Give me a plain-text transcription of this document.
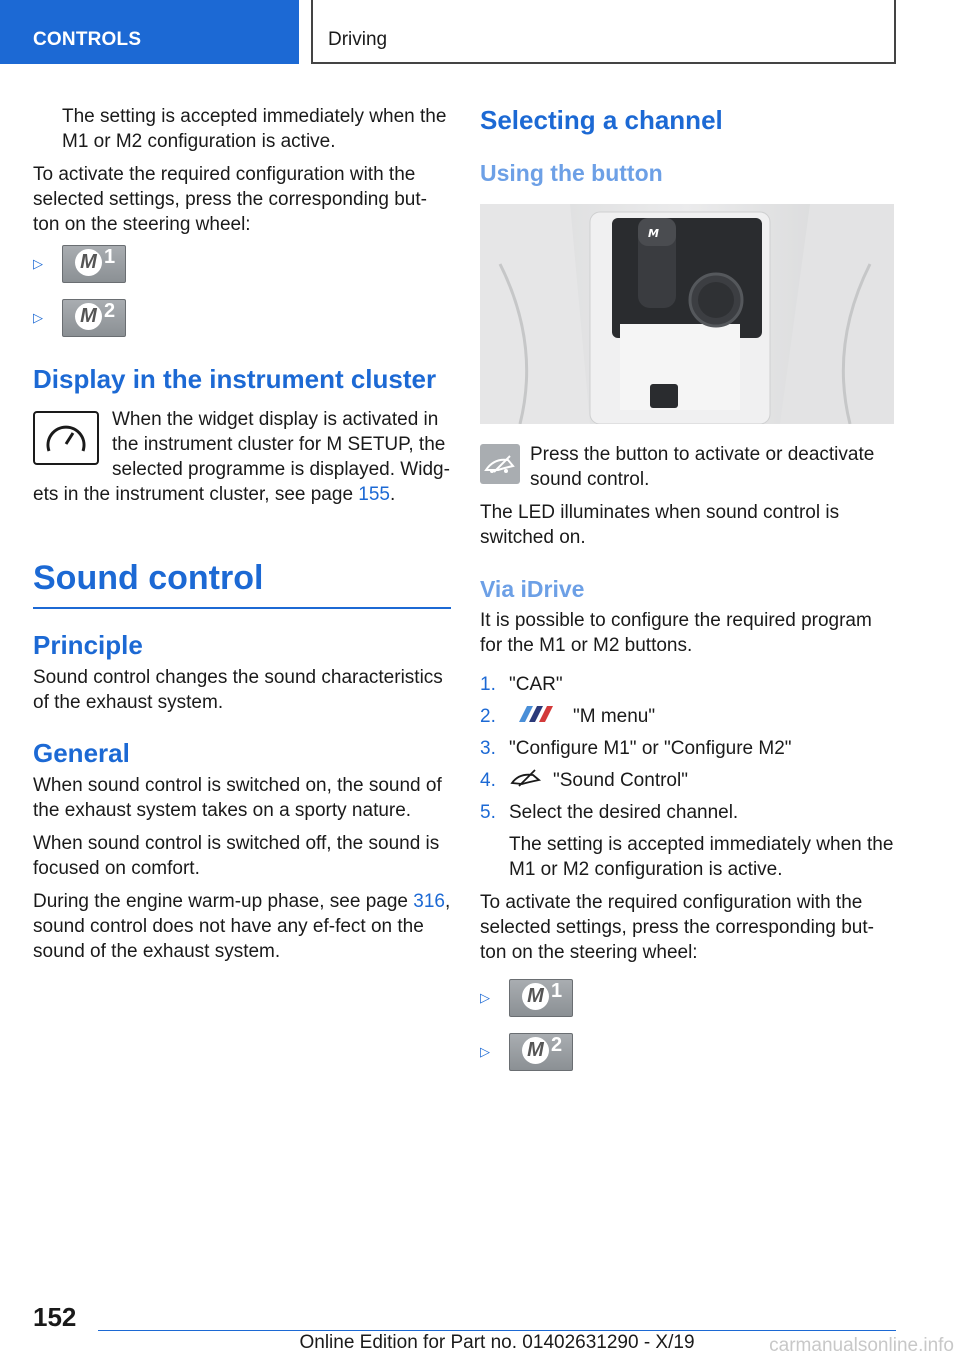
CONTROLS	Driving

The setting is accepted immediately when the M1 or M2 configuration is active.

To activate the required configuration with the selected settings, press the corresponding but-ton on the steering wheel:

▷	M 1
▷	M 2
Display in the instrument cluster

When the widget display is activated in the instrument cluster for M SETUP, the selected programme is displayed. Widg-ets in the instrument cluster, see page 155.

Sound control
Principle

Sound control changes the sound characteristics of the exhaust system.

General

When sound control is switched on, the sound of the exhaust system takes on a sporty nature.

When sound control is switched off, the sound is focused on comfort.

During the engine warm-up phase, see page 316, sound control does not have any ef-fect on the sound of the exhaust system.

Selecting a channel
Using the button
M

Press the button to activate or deactivate sound control.

The LED illuminates when sound control is switched on.

Via iDrive

It is possible to configure the required program for the M1 or M2 buttons.

1. "CAR"
2.	"M menu"
3. "Configure M1" or "Configure M2"
4.	"Sound Control"
5. Select the desired channel.

The setting is accepted immediately when the M1 or M2 configuration is active.

To activate the required configuration with the selected settings, press the corresponding but-ton on the steering wheel:

▷	M 1
▷	M 2
152
Online Edition for Part no. 01402631290 - X/19	carmanualsonline.info
